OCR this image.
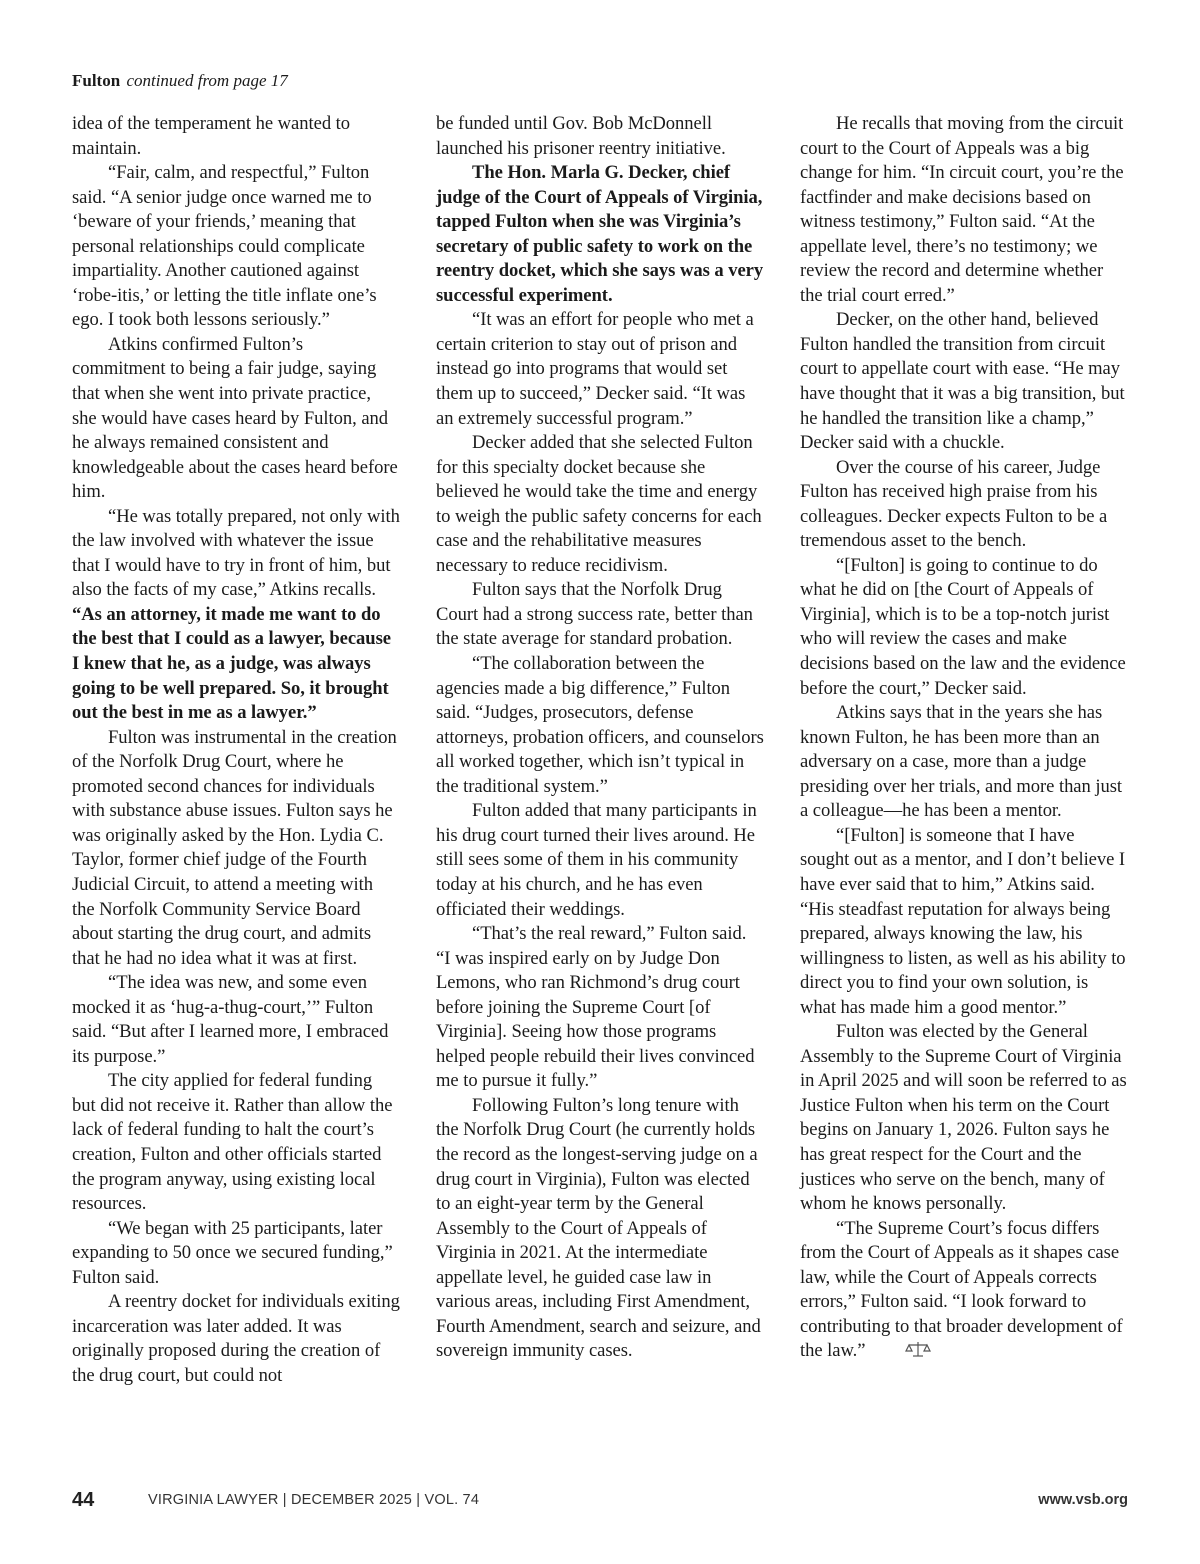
Fulton continued from page 17

idea of the temperament he wanted to maintain.

“Fair, calm, and respectful,” Fulton said. “A senior judge once warned me to ‘beware of your friends,’ meaning that personal relationships could complicate impartiality. Another cautioned against ‘robe-itis,’ or letting the title inflate one’s ego. I took both lessons seriously.”

Atkins confirmed Fulton’s commitment to being a fair judge, saying that when she went into private practice, she would have cases heard by Fulton, and he always remained consistent and knowledgeable about the cases heard before him.

“He was totally prepared, not only with the law involved with whatever the issue that I would have to try in front of him, but also the facts of my case,” Atkins recalls. “As an attorney, it made me want to do the best that I could as a lawyer, because I knew that he, as a judge, was always going to be well prepared. So, it brought out the best in me as a lawyer.”

Fulton was instrumental in the creation of the Norfolk Drug Court, where he promoted second chances for individuals with substance abuse issues. Fulton says he was originally asked by the Hon. Lydia C. Taylor, former chief judge of the Fourth Judicial Circuit, to attend a meeting with the Norfolk Community Service Board about starting the drug court, and admits that he had no idea what it was at first.

“The idea was new, and some even mocked it as ‘hug-a-thug-court,’” Fulton said. “But after I learned more, I embraced its purpose.”

The city applied for federal funding but did not receive it. Rather than allow the lack of federal funding to halt the court’s creation, Fulton and other officials started the program anyway, using existing local resources.

“We began with 25 participants, later expanding to 50 once we secured funding,” Fulton said.

A reentry docket for individuals exiting incarceration was later added. It was originally proposed during the creation of the drug court, but could not

be funded until Gov. Bob McDonnell launched his prisoner reentry initiative.

The Hon. Marla G. Decker, chief judge of the Court of Appeals of Virginia, tapped Fulton when she was Virginia’s secretary of public safety to work on the reentry docket, which she says was a very successful experiment.

“It was an effort for people who met a certain criterion to stay out of prison and instead go into programs that would set them up to succeed,” Decker said. “It was an extremely successful program.”

Decker added that she selected Fulton for this specialty docket because she believed he would take the time and energy to weigh the public safety concerns for each case and the rehabilitative measures necessary to reduce recidivism.

Fulton says that the Norfolk Drug Court had a strong success rate, better than the state average for standard probation.

“The collaboration between the agencies made a big difference,” Fulton said. “Judges, prosecutors, defense attorneys, probation officers, and counselors all worked together, which isn’t typical in the traditional system.”

Fulton added that many participants in his drug court turned their lives around. He still sees some of them in his community today at his church, and he has even officiated their weddings.

“That’s the real reward,” Fulton said. “I was inspired early on by Judge Don Lemons, who ran Richmond’s drug court before joining the Supreme Court [of Virginia]. Seeing how those programs helped people rebuild their lives convinced me to pursue it fully.”

Following Fulton’s long tenure with the Norfolk Drug Court (he currently holds the record as the longest-serving judge on a drug court in Virginia), Fulton was elected to an eight-year term by the General Assembly to the Court of Appeals of Virginia in 2021. At the intermediate appellate level, he guided case law in various areas, including First Amendment, Fourth Amendment, search and seizure, and sovereign immunity cases.

He recalls that moving from the circuit court to the Court of Appeals was a big change for him. “In circuit court, you’re the factfinder and make decisions based on witness testimony,” Fulton said. “At the appellate level, there’s no testimony; we review the record and determine whether the trial court erred.”

Decker, on the other hand, believed Fulton handled the transition from circuit court to appellate court with ease. “He may have thought that it was a big transition, but he handled the transition like a champ,” Decker said with a chuckle.

Over the course of his career, Judge Fulton has received high praise from his colleagues. Decker expects Fulton to be a tremendous asset to the bench.

“[Fulton] is going to continue to do what he did on [the Court of Appeals of Virginia], which is to be a top-notch jurist who will review the cases and make decisions based on the law and the evidence before the court,” Decker said.

Atkins says that in the years she has known Fulton, he has been more than an adversary on a case, more than a judge presiding over her trials, and more than just a colleague—he has been a mentor.

“[Fulton] is someone that I have sought out as a mentor, and I don’t believe I have ever said that to him,” Atkins said. “His steadfast reputation for always being prepared, always knowing the law, his willingness to listen, as well as his ability to direct you to find your own solution, is what has made him a good mentor.”

Fulton was elected by the General Assembly to the Supreme Court of Virginia in April 2025 and will soon be referred to as Justice Fulton when his term on the Court begins on January 1, 2026. Fulton says he has great respect for the Court and the justices who serve on the bench, many of whom he knows personally.

“The Supreme Court’s focus differs from the Court of Appeals as it shapes case law, while the Court of Appeals corrects errors,” Fulton said. “I look forward to contributing to that broader development of the law.”

44	VIRGINIA LAWYER | DECEMBER 2025 | VOL. 74	www.vsb.org
